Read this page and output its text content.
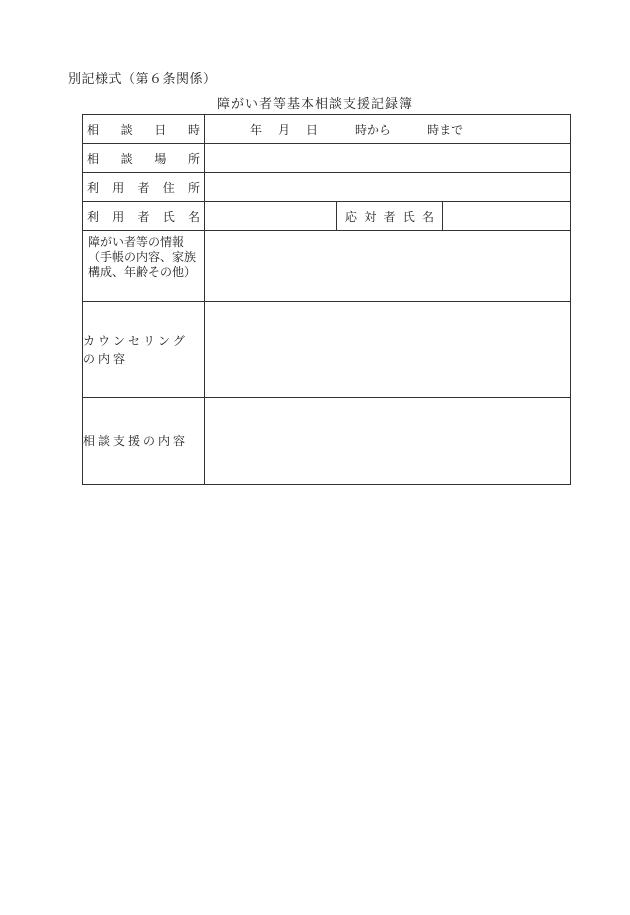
別記様式（第６条関係）
障がい者等基本相談支援記録簿
相 談 日 時	年 月 日 時から 時まで		

相 談 場 所			

利 用 者 住 所			

利 用 者 氏 名		応 対 者 氏 名	

障がい者等の情報（手帳の内容、家族構成、年齢その他）			

カウンセリング
の内容			

相談支援の内容			
